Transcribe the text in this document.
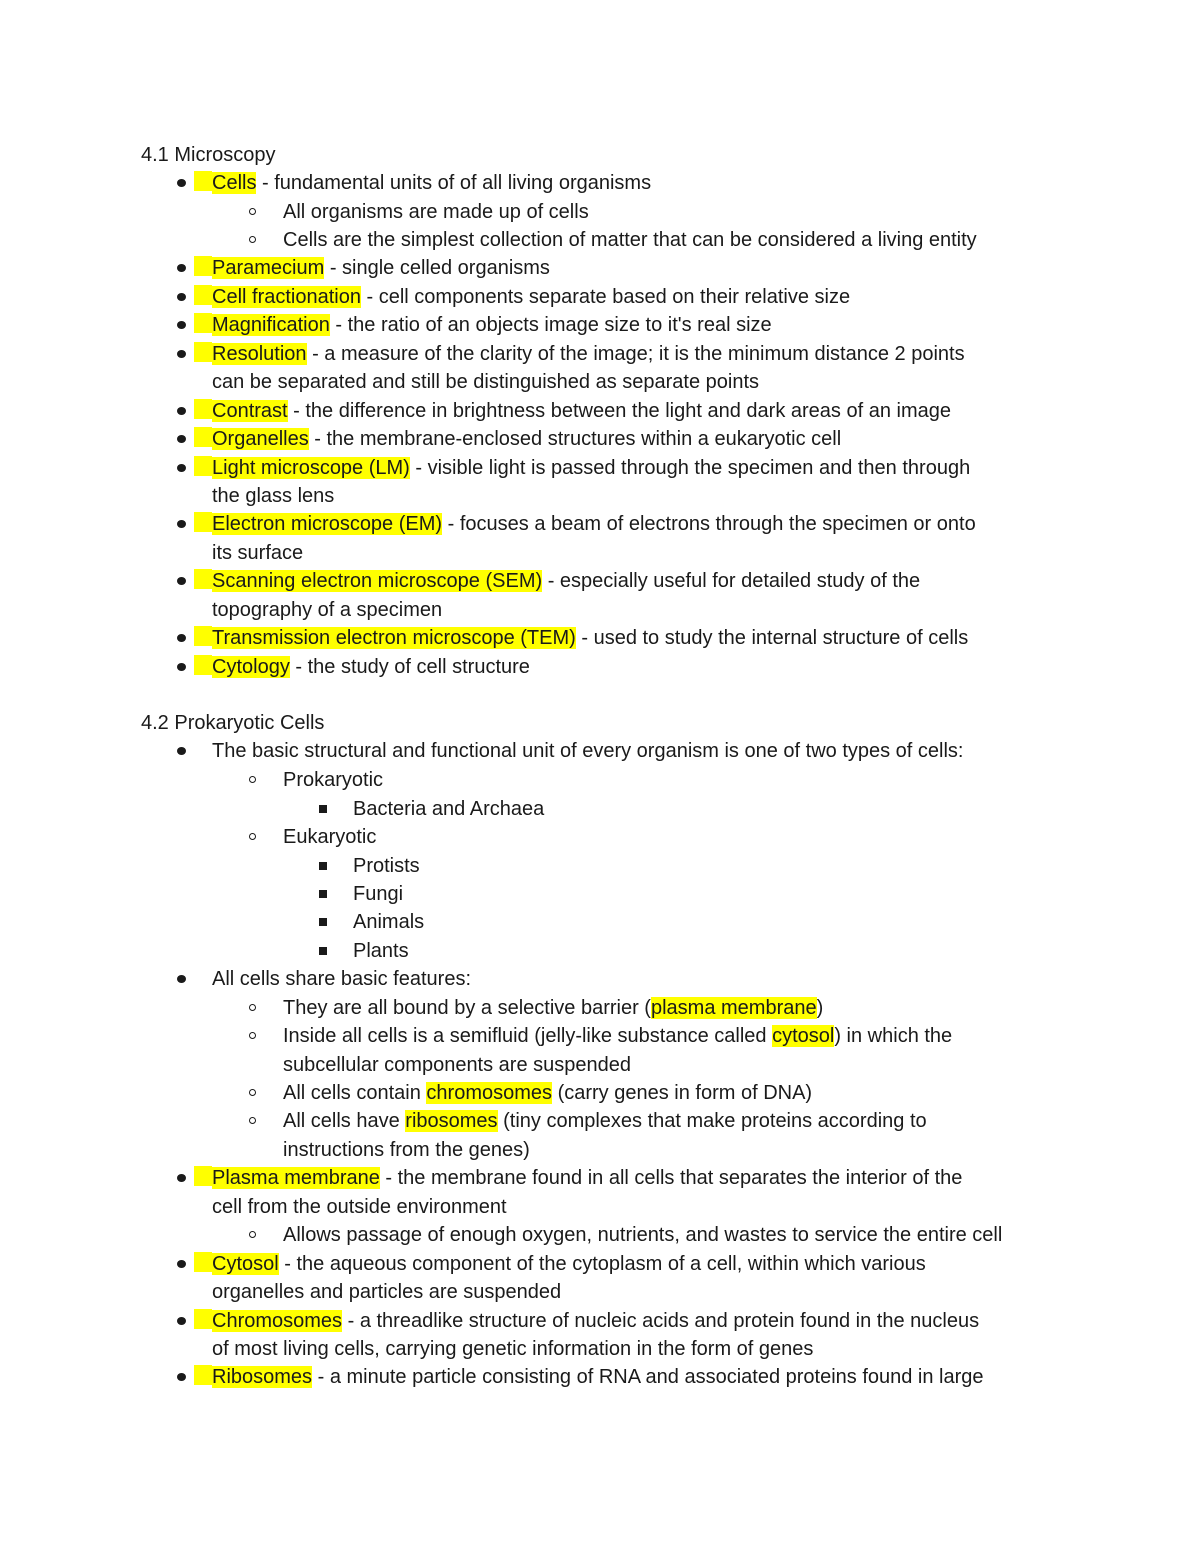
4.1 Microscopy
Cells - fundamental units of of all living organisms
All organisms are made up of cells
Cells are the simplest collection of matter that can be considered a living entity
Paramecium - single celled organisms
Cell fractionation - cell components separate based on their relative size
Magnification - the ratio of an objects image size to it's real size
Resolution - a measure of the clarity of the image; it is the minimum distance 2 points
can be separated and still be distinguished as separate points
Contrast - the difference in brightness between the light and dark areas of an image
Organelles - the membrane-enclosed structures within a eukaryotic cell
Light microscope (LM) - visible light is passed through the specimen and then through
the glass lens
Electron microscope (EM) - focuses a beam of electrons through the specimen or onto
its surface
Scanning electron microscope (SEM) - especially useful for detailed study of the
topography of a specimen
Transmission electron microscope (TEM) - used to study the internal structure of cells
Cytology - the study of cell structure
4.2 Prokaryotic Cells
The basic structural and functional unit of every organism is one of two types of cells:
Prokaryotic
Bacteria and Archaea
Eukaryotic
Protists
Fungi
Animals
Plants
All cells share basic features:
They are all bound by a selective barrier (plasma membrane)
Inside all cells is a semifluid (jelly-like substance called cytosol) in which the
subcellular components are suspended
All cells contain chromosomes (carry genes in form of DNA)
All cells have ribosomes (tiny complexes that make proteins according to
instructions from the genes)
Plasma membrane - the membrane found in all cells that separates the interior of the
cell from the outside environment
Allows passage of enough oxygen, nutrients, and wastes to service the entire cell
Cytosol - the aqueous component of the cytoplasm of a cell, within which various
organelles and particles are suspended
Chromosomes - a threadlike structure of nucleic acids and protein found in the nucleus
of most living cells, carrying genetic information in the form of genes
Ribosomes - a minute particle consisting of RNA and associated proteins found in large
